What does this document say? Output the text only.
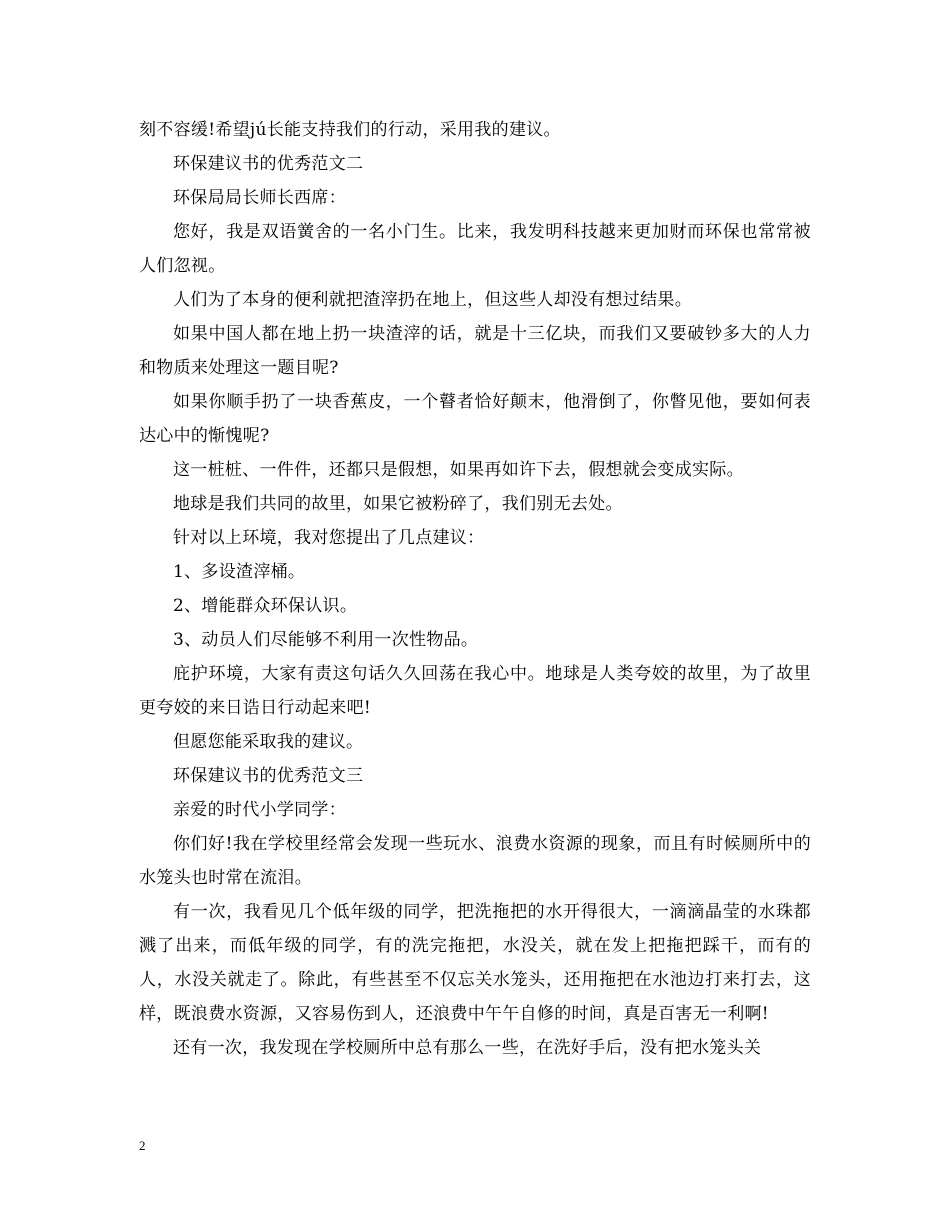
刻不容缓!希望jú长能支持我们的行动，采用我的建议。

环保建议书的优秀范文二

环保局局长师长西席：

您好，我是双语黉舍的一名小门生。比来，我发明科技越来更加财而环保也常常被人们忽视。

人们为了本身的便利就把渣滓扔在地上，但这些人却没有想过结果。

如果中国人都在地上扔一块渣滓的话，就是十三亿块，而我们又要破钞多大的人力和物质来处理这一题目呢?

如果你顺手扔了一块香蕉皮，一个瞽者恰好颠末，他滑倒了，你瞥见他，要如何表达心中的惭愧呢?

这一桩桩、一件件，还都只是假想，如果再如许下去，假想就会变成实际。

地球是我们共同的故里，如果它被粉碎了，我们别无去处。

针对以上环境，我对您提出了几点建议：

1、多设渣滓桶。

2、增能群众环保认识。

3、动员人们尽能够不利用一次性物品。

庇护环境，大家有责这句话久久回荡在我心中。地球是人类夸姣的故里，为了故里更夸姣的来日诰日行动起来吧!

但愿您能采取我的建议。

环保建议书的优秀范文三

亲爱的时代小学同学：

你们好!我在学校里经常会发现一些玩水、浪费水资源的现象，而且有时候厕所中的水笼头也时常在流泪。

有一次，我看见几个低年级的同学，把洗拖把的水开得很大，一滴滴晶莹的水珠都溅了出来，而低年级的同学，有的洗完拖把，水没关，就在发上把拖把踩干，而有的人，水没关就走了。除此，有些甚至不仅忘关水笼头，还用拖把在水池边打来打去，这样，既浪费水资源，又容易伤到人，还浪费中午午自修的时间，真是百害无一利啊!

还有一次，我发现在学校厕所中总有那么一些，在洗好手后，没有把水笼头关

2
